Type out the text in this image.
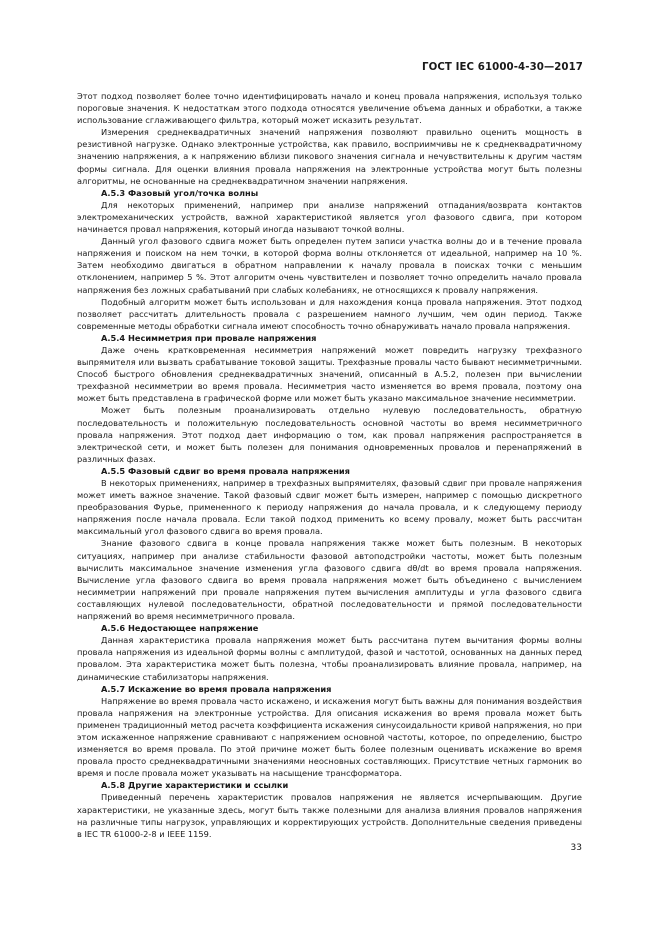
ГОСТ IEC 61000-4-30—2017

Этот подход позволяет более точно идентифицировать начало и конец провала напряжения, используя только пороговые значения. К недостаткам этого подхода относятся увеличение объема данных и обработки, а также использование сглаживающего фильтра, который может исказить результат.

Измерения среднеквадратичных значений напряжения позволяют правильно оценить мощность в резистивной нагрузке. Однако электронные устройства, как правило, восприимчивы не к среднеквадратичному значению напряжения, а к напряжению вблизи пикового значения сигнала и нечувствительны к другим частям формы сигнала. Для оценки влияния провала напряжения на электронные устройства могут быть полезны алгоритмы, не основанные на среднеквадратичном значении напряжения.

А.5.3 Фазовый угол/точка волны

Для некоторых применений, например при анализе напряжений отпадания/возврата контактов электромеханических устройств, важной характеристикой является угол фазового сдвига, при котором начинается провал напряжения, который иногда называют точкой волны.

Данный угол фазового сдвига может быть определен путем записи участка волны до и в течение провала напряжения и поиском на нем точки, в которой форма волны отклоняется от идеальной, например на 10 %. Затем необходимо двигаться в обратном направлении к началу провала в поисках точки с меньшим отклонением, например 5 %. Этот алгоритм очень чувствителен и позволяет точно определить начало провала напряжения без ложных срабатываний при слабых колебаниях, не относящихся к провалу напряжения.

Подобный алгоритм может быть использован и для нахождения конца провала напряжения. Этот подход позволяет рассчитать длительность провала с разрешением намного лучшим, чем один период. Также современные методы обработки сигнала имеют способность точно обнаруживать начало провала напряжения.

А.5.4 Несимметрия при провале напряжения

Даже очень кратковременная несимметрия напряжений может повредить нагрузку трехфазного выпрямителя или вызвать срабатывание токовой защиты. Трехфазные провалы часто бывают несимметричными. Способ быстрого обновления среднеквадратичных значений, описанный в А.5.2, полезен при вычислении трехфазной несимметрии во время провала. Несимметрия часто изменяется во время провала, поэтому она может быть представлена в графической форме или может быть указано максимальное значение несимметрии.

Может быть полезным проанализировать отдельно нулевую последовательность, обратную последовательность и положительную последовательность основной частоты во время несимметричного провала напряжения. Этот подход дает информацию о том, как провал напряжения распространяется в электрической сети, и может быть полезен для понимания одновременных провалов и перенапряжений в различных фазах.

А.5.5 Фазовый сдвиг во время провала напряжения

В некоторых применениях, например в трехфазных выпрямителях, фазовый сдвиг при провале напряжения может иметь важное значение. Такой фазовый сдвиг может быть измерен, например с помощью дискретного преобразования Фурье, примененного к периоду напряжения до начала провала, и к следующему периоду напряжения после начала провала. Если такой подход применить ко всему провалу, может быть рассчитан максимальный угол фазового сдвига во время провала.

Знание фазового сдвига в конце провала напряжения также может быть полезным. В некоторых ситуациях, например при анализе стабильности фазовой автоподстройки частоты, может быть полезным вычислить максимальное значение изменения угла фазового сдвига dθ/dt во время провала напряжения. Вычисление угла фазового сдвига во время провала напряжения может быть объединено с вычислением несимметрии напряжений при провале напряжения путем вычисления амплитуды и угла фазового сдвига составляющих нулевой последовательности, обратной последовательности и прямой последовательности напряжений во время несимметричного провала.

А.5.6 Недостающее напряжение

Данная характеристика провала напряжения может быть рассчитана путем вычитания формы волны провала напряжения из идеальной формы волны с амплитудой, фазой и частотой, основанных на данных перед провалом. Эта характеристика может быть полезна, чтобы проанализировать влияние провала, например, на динамические стабилизаторы напряжения.

А.5.7 Искажение во время провала напряжения

Напряжение во время провала часто искажено, и искажения могут быть важны для понимания воздействия провала напряжения на электронные устройства. Для описания искажения во время провала может быть применен традиционный метод расчета коэффициента искажения синусоидальности кривой напряжения, но при этом искаженное напряжение сравнивают с напряжением основной частоты, которое, по определению, быстро изменяется во время провала. По этой причине может быть более полезным оценивать искажение во время провала просто среднеквадратичными значениями неосновных составляющих. Присутствие четных гармоник во время и после провала может указывать на насыщение трансформатора.

А.5.8 Другие характеристики и ссылки

Приведенный перечень характеристик провалов напряжения не является исчерпывающим. Другие характеристики, не указанные здесь, могут быть также полезными для анализа влияния провалов напряжения на различные типы нагрузок, управляющих и корректирующих устройств. Дополнительные сведения приведены в IEC TR 61000-2-8 и IEEE 1159.

33
